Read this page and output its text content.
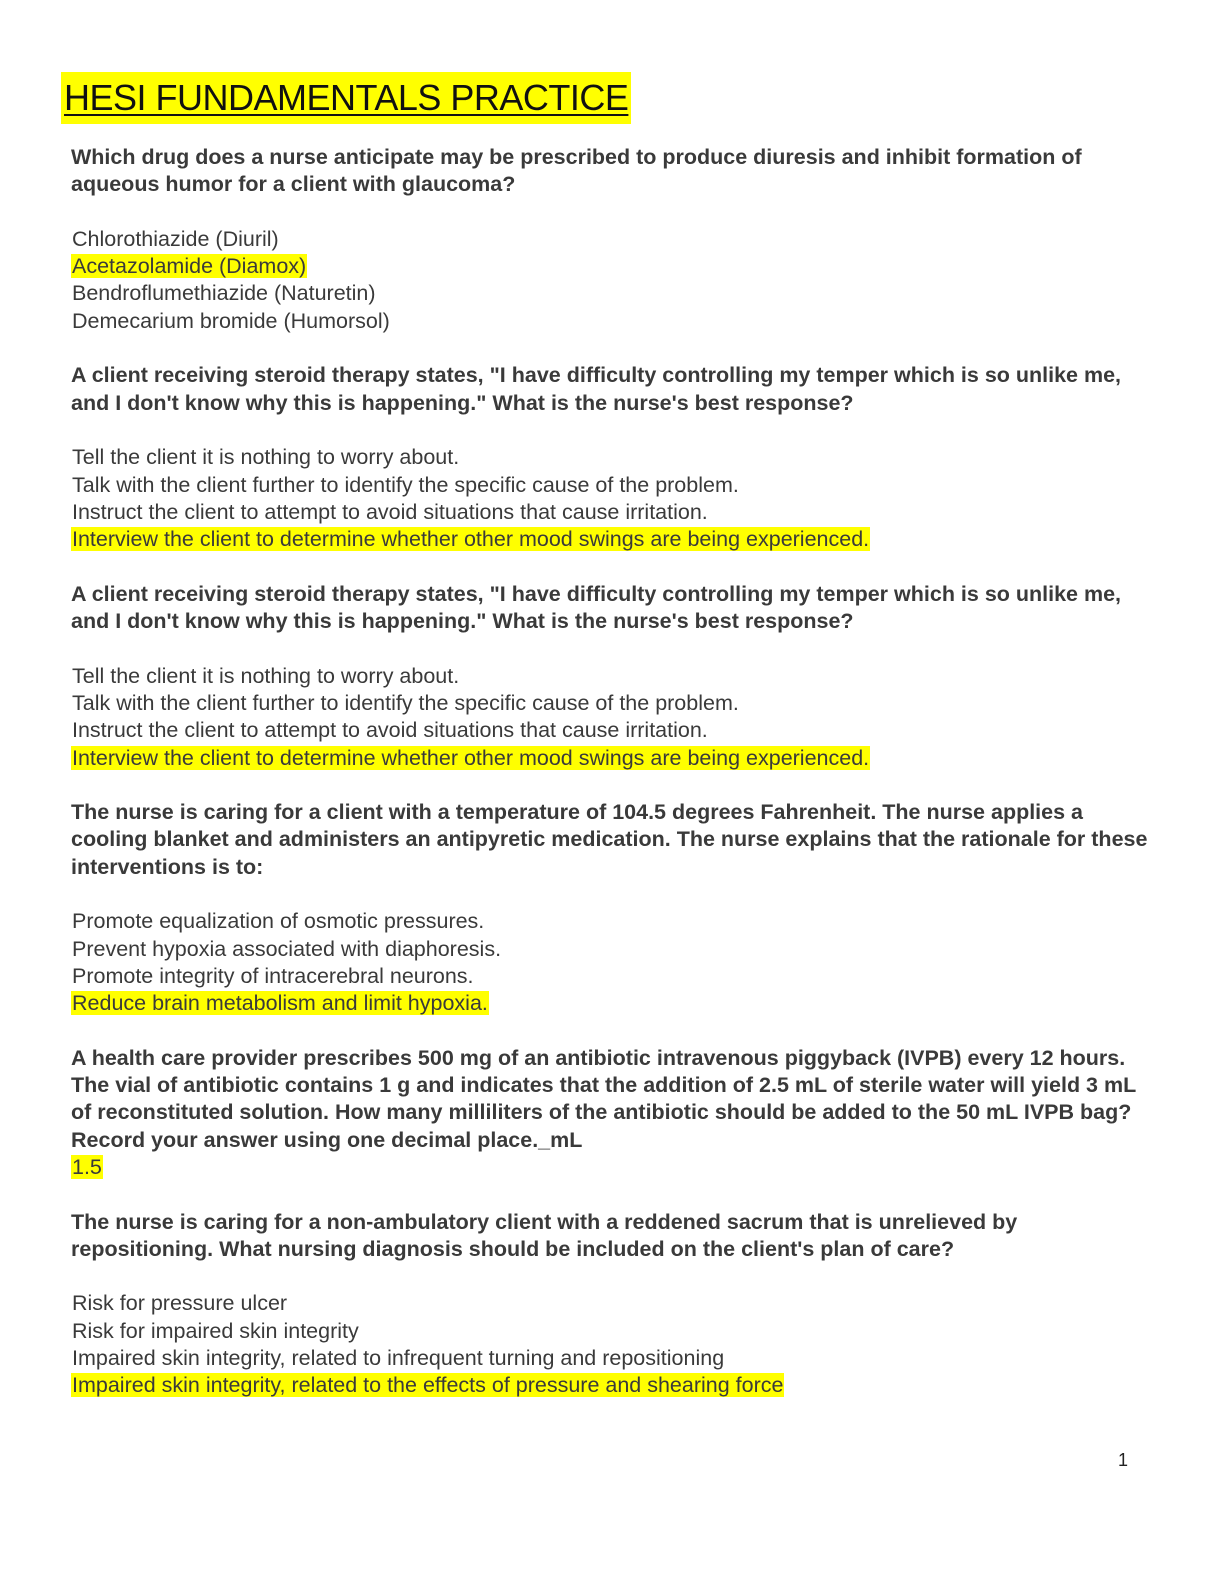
HESI FUNDAMENTALS PRACTICE
Which drug does a nurse anticipate may be prescribed to produce diuresis and inhibit formation of aqueous humor for a client with glaucoma?
Chlorothiazide (Diuril)
Acetazolamide (Diamox)
Bendroflumethiazide (Naturetin)
Demecarium bromide (Humorsol)
A client receiving steroid therapy states, "I have difficulty controlling my temper which is so unlike me, and I don't know why this is happening." What is the nurse's best response?
Tell the client it is nothing to worry about.
Talk with the client further to identify the specific cause of the problem.
Instruct the client to attempt to avoid situations that cause irritation.
Interview the client to determine whether other mood swings are being experienced.
A client receiving steroid therapy states, "I have difficulty controlling my temper which is so unlike me, and I don't know why this is happening." What is the nurse's best response?
Tell the client it is nothing to worry about.
Talk with the client further to identify the specific cause of the problem.
Instruct the client to attempt to avoid situations that cause irritation.
Interview the client to determine whether other mood swings are being experienced.
The nurse is caring for a client with a temperature of 104.5 degrees Fahrenheit. The nurse applies a cooling blanket and administers an antipyretic medication. The nurse explains that the rationale for these interventions is to:
Promote equalization of osmotic pressures.
Prevent hypoxia associated with diaphoresis.
Promote integrity of intracerebral neurons.
Reduce brain metabolism and limit hypoxia.
A health care provider prescribes 500 mg of an antibiotic intravenous piggyback (IVPB) every 12 hours. The vial of antibiotic contains 1 g and indicates that the addition of 2.5 mL of sterile water will yield 3 mL of reconstituted solution. How many milliliters of the antibiotic should be added to the 50 mL IVPB bag? Record your answer using one decimal place._mL
1.5
The nurse is caring for a non-ambulatory client with a reddened sacrum that is unrelieved by repositioning. What nursing diagnosis should be included on the client's plan of care?
Risk for pressure ulcer
Risk for impaired skin integrity
Impaired skin integrity, related to infrequent turning and repositioning
Impaired skin integrity, related to the effects of pressure and shearing force
1
